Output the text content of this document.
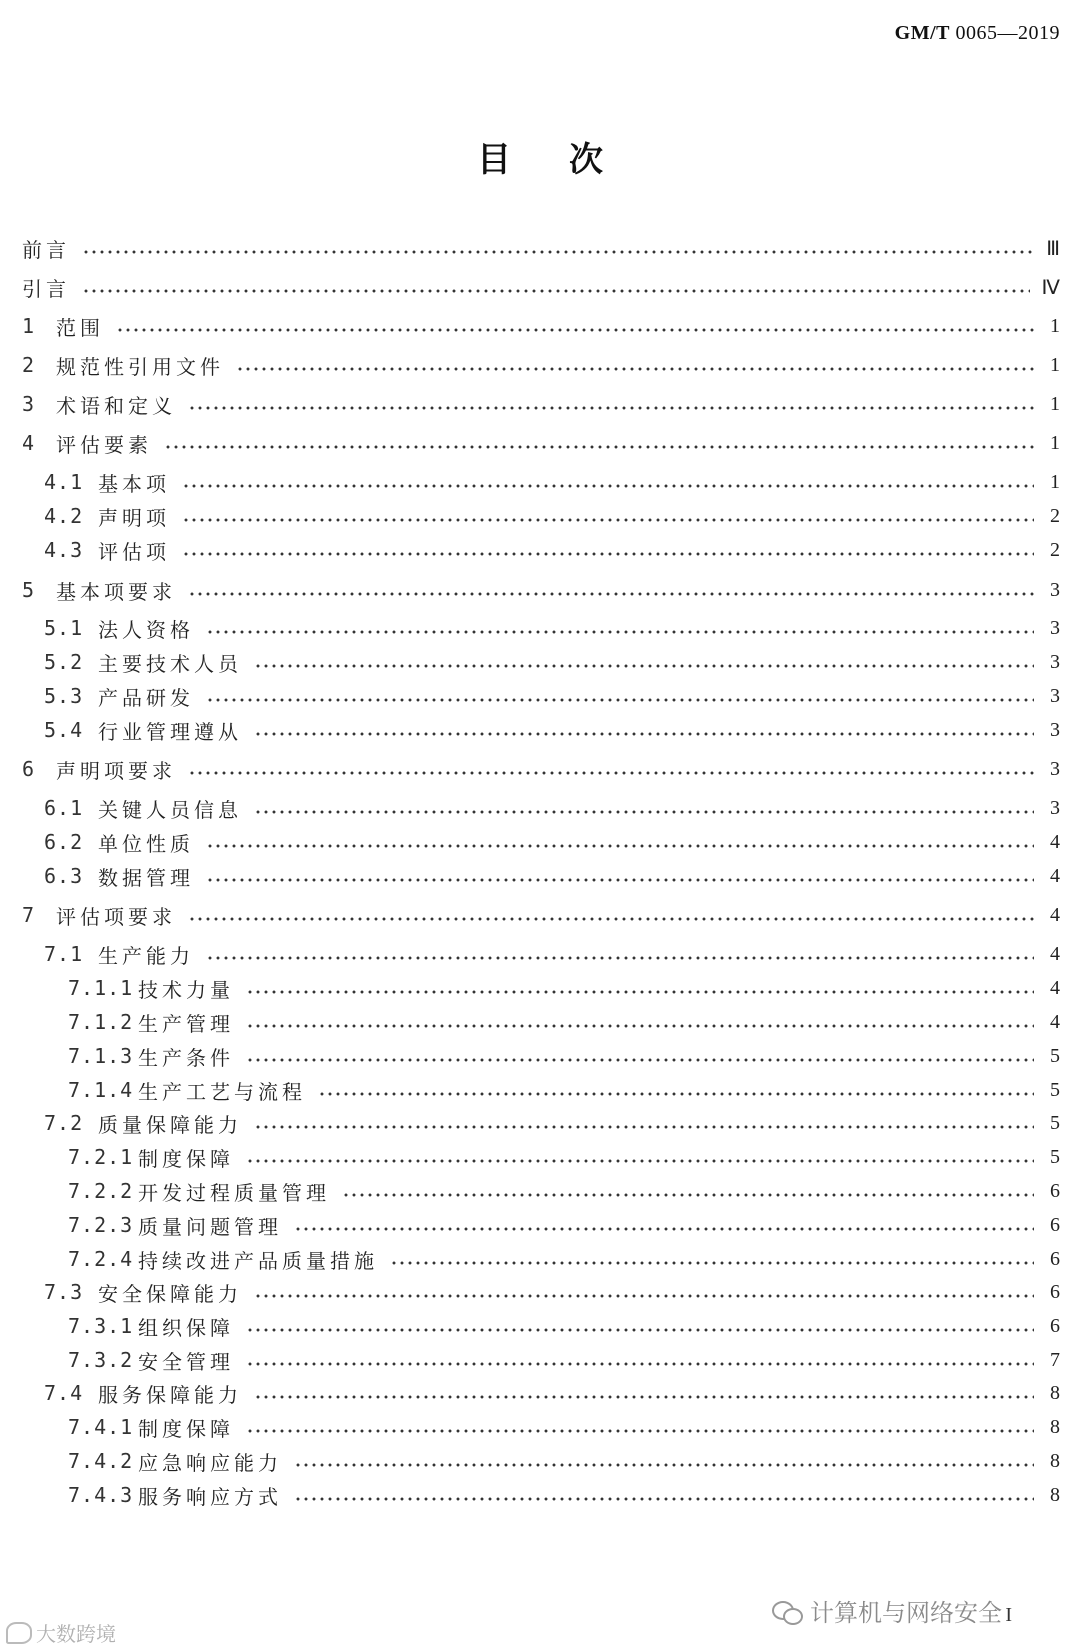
GM/T 0065—2019
目次
前言	Ⅲ
引言	Ⅳ
1	范围	1
2	规范性引用文件	1
3	术语和定义	1
4	评估要素	1
4.1 基本项	1
4.2 声明项	2
4.3 评估项	2
5	基本项要求	3
5.1 法人资格	3
5.2 主要技术人员	3
5.3 产品研发	3
5.4 行业管理遵从	3
6	声明项要求	3
6.1 关键人员信息	3
6.2 单位性质	4
6.3 数据管理	4
7	评估项要求	4
7.1 生产能力	4
7.1.1 技术力量	4
7.1.2 生产管理	4
7.1.3 生产条件	5
7.1.4 生产工艺与流程	5
7.2 质量保障能力	5
7.2.1 制度保障	5
7.2.2 开发过程质量管理	6
7.2.3 质量问题管理	6
7.2.4 持续改进产品质量措施	6
7.3 安全保障能力	6
7.3.1 组织保障	6
7.3.2 安全管理	7
7.4 服务保障能力	8
7.4.1 制度保障	8
7.4.2 应急响应能力	8
7.4.3 服务响应方式	8
I
计算机与网络安全
大数跨境
